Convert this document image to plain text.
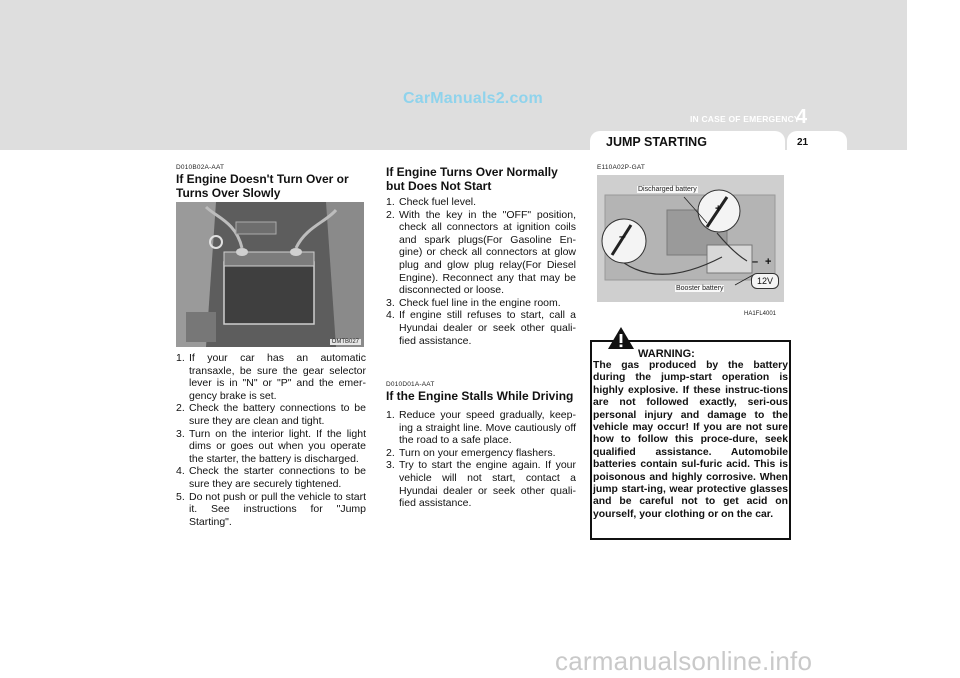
CarManuals2.com
IN CASE OF EMERGENCY
4
JUMP STARTING	21
D010B02A-AAT
If Engine Doesn't Turn Over or Turns Over Slowly
OMTB027
1. If your car has an automatic transaxle, be sure the gear selector lever is in "N" or "P" and the emer-gency brake is set.
2. Check the battery connections to be sure they are clean and tight.
3. Turn on the interior light. If the light dims or goes out when you operate the starter, the battery is discharged.
4. Check the starter connections to be sure they are securely tightened.
5. Do not push or pull the vehicle to start it. See instructions for "Jump Starting".
If Engine Turns Over Normally but Does Not Start
1. Check fuel level.
2. With the key in the "OFF" position, check all connectors at ignition coils and spark plugs(For Gasoline En-gine) or check all connectors at glow plug and glow plug relay(For Diesel Engine). Reconnect any that may be disconnected or loose.
3. Check fuel line in the engine room.
4. If engine still refuses to start, call a Hyundai dealer or seek other quali-fied assistance.
D010D01A-AAT
If the Engine Stalls While Driving
1. Reduce your speed gradually, keep-ing a straight line. Move cautiously off the road to a safe place.
2. Turn on your emergency flashers.
3. Try to start the engine again. If your vehicle will not start, contact a Hyundai dealer or seek other quali-fied assistance.
E110A02P-GAT
Discharged battery
Booster battery
12V
+
–
+
–
HA1FL4001
WARNING:
The gas produced by the battery during the jump-start operation is highly explosive. If these instruc-tions are not followed exactly, seri-ous personal injury and damage to the vehicle may occur! If you are not sure how to follow this proce-dure, seek qualified assistance. Automobile batteries contain sul-furic acid. This is poisonous and highly corrosive. When jump start-ing, wear protective glasses and be careful not to get acid on yourself, your clothing or on the car.
carmanualsonline.info
